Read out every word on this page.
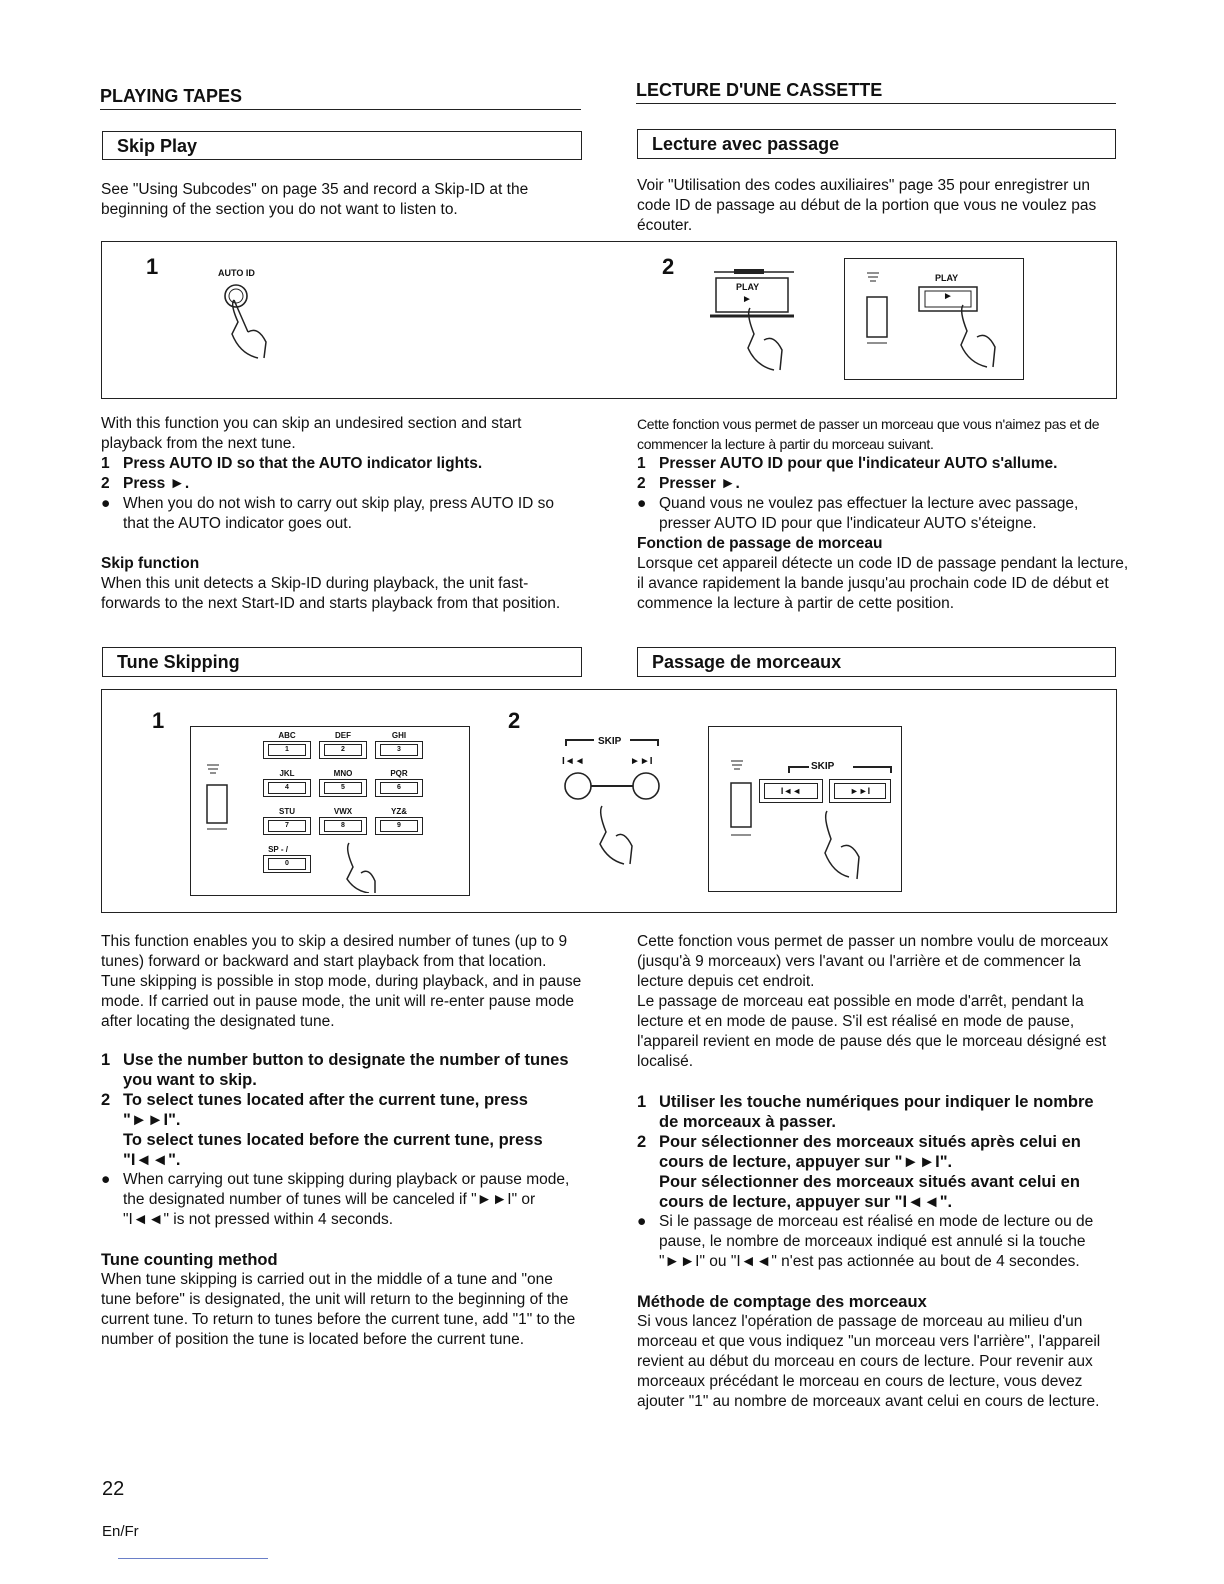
PLAYING TAPES	LECTURE D'UNE CASSETTE
Skip Play	Lecture avec passage

See "Using Subcodes" on page 35 and record a Skip-ID at the beginning of the section you do not want to listen to.

Voir "Utilisation des codes auxiliaires" page 35 pour enregistrer un code ID de passage au début de la portion que vous ne voulez pas écouter.

1	AUTO ID	2
PLAY
►
PLAY
►

With this function you can skip an undesired section and start playback from the next tune.

1 Press AUTO ID so that the AUTO indicator lights.
2 Press ►.
● When you do not wish to carry out skip play, press AUTO ID so that the AUTO indicator goes out.

Skip function

When this unit detects a Skip-ID during playback, the unit fast-forwards to the next Start-ID and starts playback from that position.

Cette fonction vous permet de passer un morceau que vous n'aimez pas et de commencer la lecture à partir du morceau suivant.

1 Presser AUTO ID pour que l'indicateur AUTO s'allume.
2 Presser ►.
● Quand vous ne voulez pas effectuer la lecture avec passage, presser AUTO ID pour que l'indicateur AUTO s'éteigne.

Fonction de passage de morceau

Lorsque cet appareil détecte un code ID de passage pendant la lecture, il avance rapidement la bande jusqu'au prochain code ID de début et commence la lecture à partir de cette position.

Tune Skipping	Passage de morceaux
1
ABC	DEF	GHI
1	2	3
JKL	MNO	PQR
4	5	6
STU	VWX	YZ&
7	8	9
SP - /
0
2
SKIP
I◄◄	►►I	SKIP
I◄◄	►►I

This function enables you to skip a desired number of tunes (up to 9 tunes) forward or backward and start playback from that location. Tune skipping is possible in stop mode, during playback, and in pause mode. If carried out in pause mode, the unit will re-enter pause mode after locating the designated tune.

1 Use the number button to designate the number of tunes you want to skip.
2 To select tunes located after the current tune, press "►►I".
To select tunes located before the current tune, press "I◄◄".
● When carrying out tune skipping during playback or pause mode, the designated number of tunes will be canceled if "►►I" or "I◄◄" is not pressed within 4 seconds.

Tune counting method

When tune skipping is carried out in the middle of a tune and "one tune before" is designated, the unit will return to the beginning of the current tune. To return to tunes before the current tune, add "1" to the number of position the tune is located before the current tune.

Cette fonction vous permet de passer un nombre voulu de morceaux (jusqu'à 9 morceaux) vers l'avant ou l'arrière et de commencer la lecture depuis cet endroit.

Le passage de morceau eat possible en mode d'arrêt, pendant la lecture et en mode de pause. S'il est réalisé en mode de pause, l'appareil revient en mode de pause dés que le morceau désigné est localisé.

1 Utiliser les touche numériques pour indiquer le nombre de morceaux à passer.
2 Pour sélectionner des morceaux situés après celui en cours de lecture, appuyer sur "►►I".
Pour sélectionner des morceaux situés avant celui en cours de lecture, appuyer sur "I◄◄".
● Si le passage de morceau est réalisé en mode de lecture ou de pause, le nombre de morceaux indiqué est annulé si la touche "►►I" ou "I◄◄" n'est pas actionnée au bout de 4 secondes.

Méthode de comptage des morceaux

Si vous lancez l'opération de passage de morceau au milieu d'un morceau et que vous indiquez "un morceau vers l'arrière", l'appareil revient au début du morceau en cours de lecture. Pour revenir aux morceaux précédant le morceau en cours de lecture, vous devez ajouter "1" au nombre de morceaux avant celui en cours de lecture.

22
En/Fr
